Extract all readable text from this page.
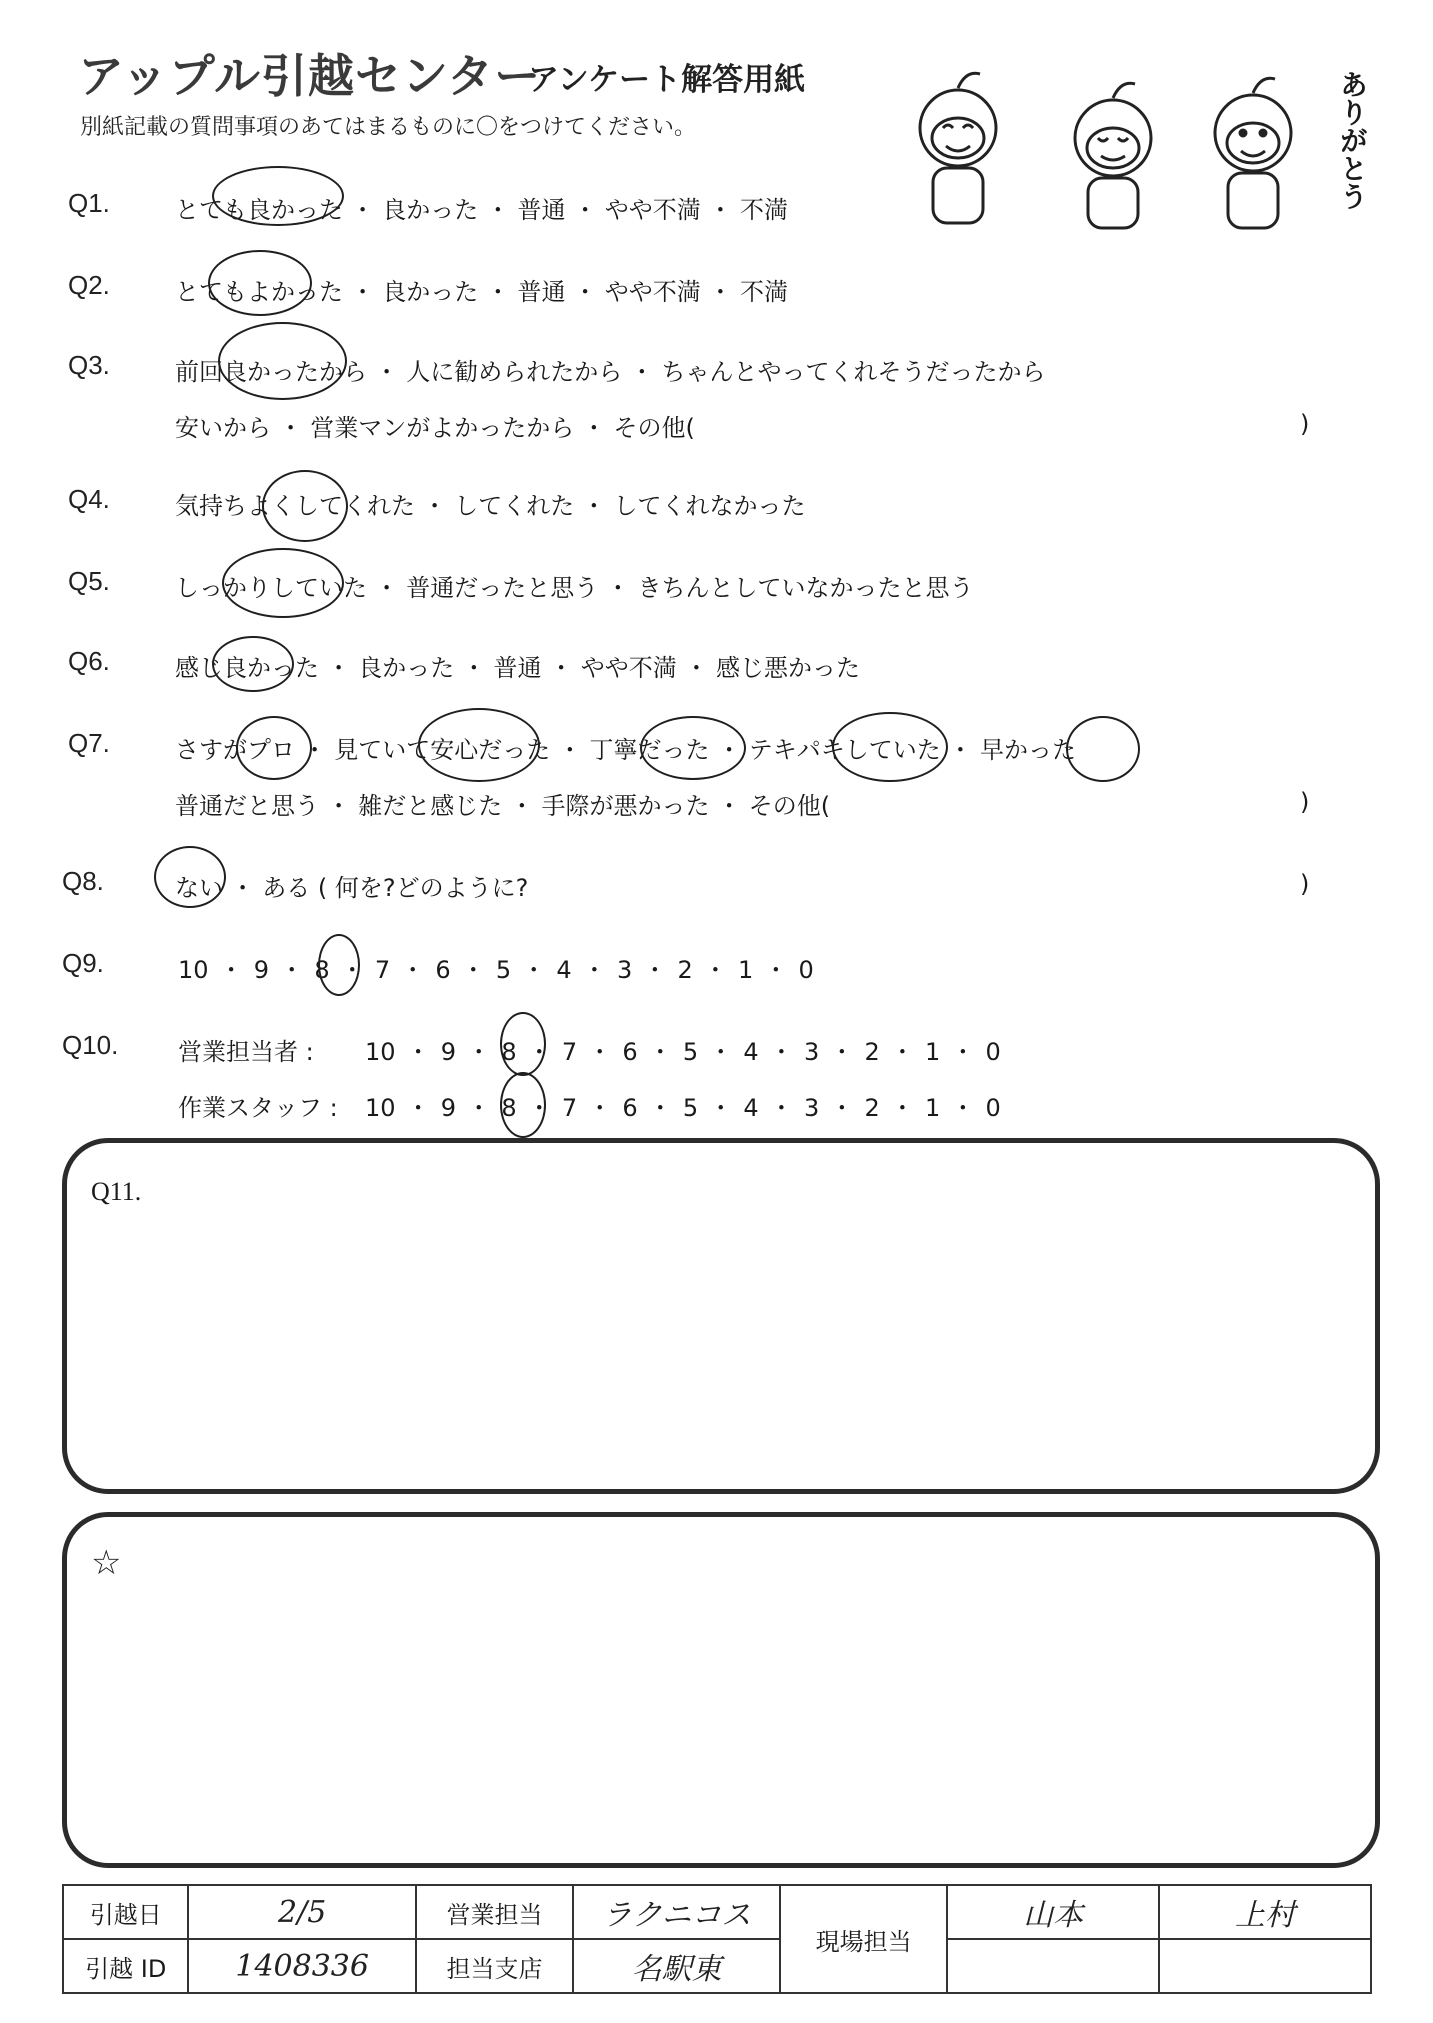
アップル引越センター
アンケート解答用紙
別紙記載の質問事項のあてはまるものに〇をつけてください。	ありがとう
Q1.	とても良かった ・ 良かった ・ 普通 ・ やや不満 ・ 不満
Q2.	とてもよかった ・ 良かった ・ 普通 ・ やや不満 ・ 不満
Q3.	前回良かったから ・ 人に勧められたから ・ ちゃんとやってくれそうだったから
安いから ・ 営業マンがよかったから ・ その他(	)
Q4.	気持ちよくしてくれた ・ してくれた ・ してくれなかった
Q5.	しっかりしていた ・ 普通だったと思う ・ きちんとしていなかったと思う
Q6.	感じ良かった ・ 良かった ・ 普通 ・ やや不満 ・ 感じ悪かった
Q7.	さすがプロ ・ 見ていて安心だった ・ 丁寧だった ・ テキパキしていた ・ 早かった
普通だと思う ・ 雑だと感じた ・ 手際が悪かった ・ その他(	)
Q8.	ない ・ ある ( 何を?どのように?	)
Q9.	10 ・ 9 ・ 8 ・ 7 ・ 6 ・ 5 ・ 4 ・ 3 ・ 2 ・ 1 ・ 0
Q10. 営業担当者 : 10 ・ 9 ・ 8 ・ 7 ・ 6 ・ 5 ・ 4 ・ 3 ・ 2 ・ 1 ・ 0
作業スタッフ : 10 ・ 9 ・ 8 ・ 7 ・ 6 ・ 5 ・ 4 ・ 3 ・ 2 ・ 1 ・ 0
Q11.
☆
引越日	2/5	営業担当	ラクニコス	現場担当	山本	上村
引越 ID	1408336	担当支店	名駅東			
